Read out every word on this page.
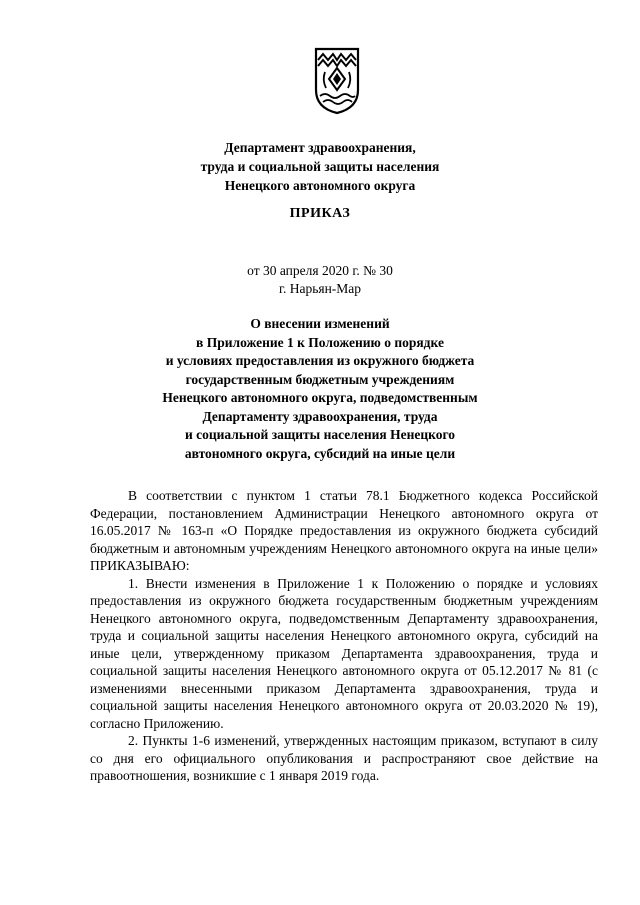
Департамент здравоохранения,
труда и социальной защиты населения
Ненецкого автономного округа
ПРИКАЗ
от 30 апреля 2020 г. № 30
г. Нарьян-Мар
О внесении изменений
в Приложение 1 к Положению о порядке
и условиях предоставления из окружного бюджета
государственным бюджетным учреждениям
Ненецкого автономного округа, подведомственным
Департаменту здравоохранения, труда
и социальной защиты населения Ненецкого
автономного округа, субсидий на иные цели

В соответствии с пунктом 1 статьи 78.1 Бюджетного кодекса Российской Федерации, постановлением Администрации Ненецкого автономного округа от 16.05.2017 № 163-п «О Порядке предоставления из окружного бюджета субсидий бюджетным и автономным учреждениям Ненецкого автономного округа на иные цели» ПРИКАЗЫВАЮ:

1. Внести изменения в Приложение 1 к Положению о порядке и условиях предоставления из окружного бюджета государственным бюджетным учреждениям Ненецкого автономного округа, подведомственным Департаменту здравоохранения, труда и социальной защиты населения Ненецкого автономного округа, субсидий на иные цели, утвержденному приказом Департамента здравоохранения, труда и социальной защиты населения Ненецкого автономного округа от 05.12.2017 № 81 (с изменениями внесенными приказом Департамента здравоохранения, труда и социальной защиты населения Ненецкого автономного округа от 20.03.2020 № 19), согласно Приложению.

2. Пункты 1-6 изменений, утвержденных настоящим приказом, вступают в силу со дня его официального опубликования и распространяют свое действие на правоотношения, возникшие с 1 января 2019 года.
